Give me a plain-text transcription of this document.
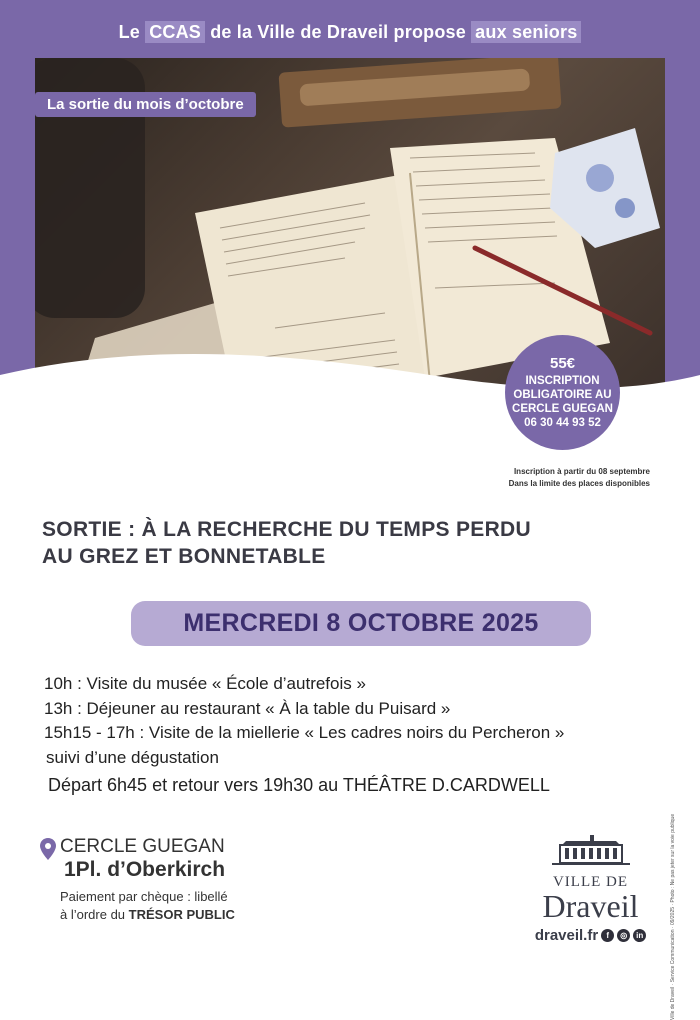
Le CCAS de la Ville de Draveil propose aux seniors
La sortie du mois d’octobre
55€
INSCRIPTION
OBLIGATOIRE AU
CERCLE GUEGAN
06 30 44 93 52
Inscription à partir du 08 septembre
Dans la limite des places disponibles
SORTIE : À LA RECHERCHE DU TEMPS PERDU
AU GREZ ET BONNETABLE
MERCREDI 8 OCTOBRE 2025
10h : Visite du musée « École d’autrefois »
13h : Déjeuner au restaurant « À la table du Puisard »
15h15 - 17h : Visite de la miellerie « Les cadres noirs du Percheron »
suivi d’une dégustation
Départ 6h45 et retour vers 19h30 au THÉÂTRE D.CARDWELL
CERCLE GUEGAN
1Pl. d’Oberkirch
Paiement par chèque : libellé
à l’ordre du TRÉSOR PUBLIC
VILLE DE
Draveil
draveil.fr	f	◎	in	Ville de Draveil · Service Communication · 09/2025 · Photo : Ne pas jeter sur la voie publique
